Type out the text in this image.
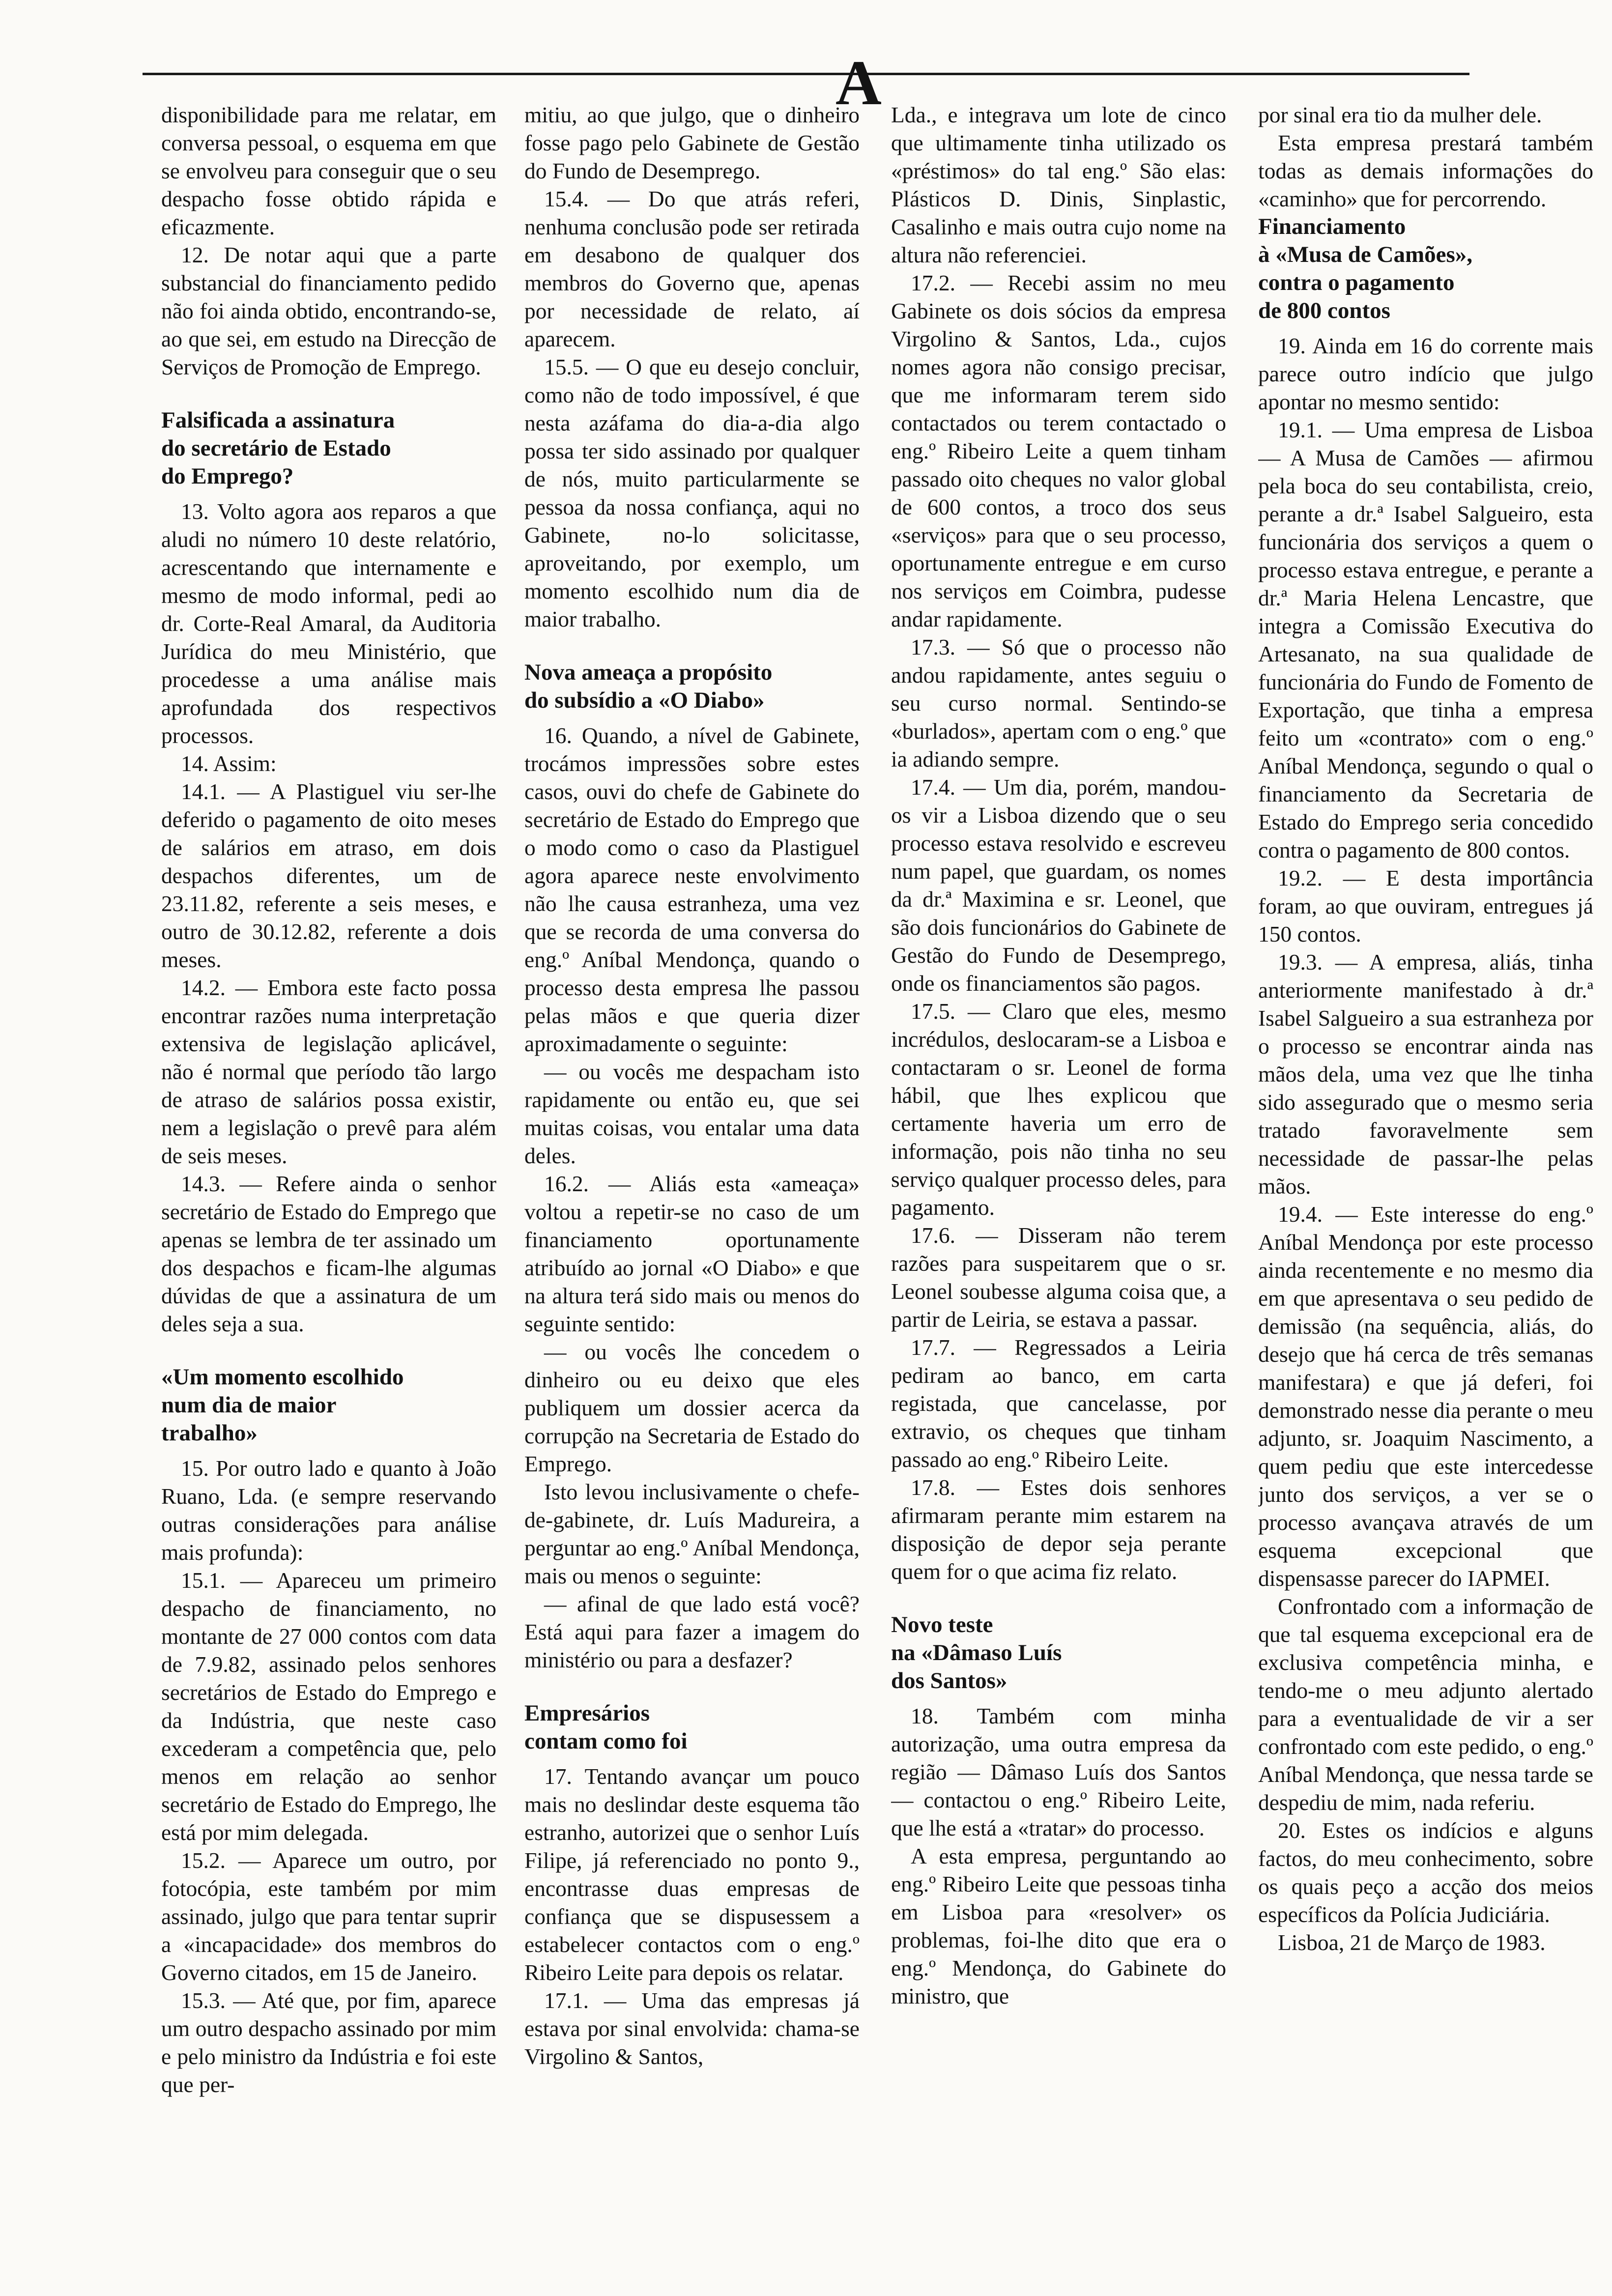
A

disponibilidade para me relatar, em conversa pessoal, o esquema em que se envolveu para conseguir que o seu despacho fosse obtido rápida e eficazmente.

12. De notar aqui que a parte substancial do financiamento pedido não foi ainda obtido, encontrando-se, ao que sei, em estudo na Direcção de Serviços de Promoção de Emprego.

Falsificada a assinatura
do secretário de Estado
do Emprego?

13. Volto agora aos reparos a que aludi no número 10 deste relatório, acrescentando que internamente e mesmo de modo informal, pedi ao dr. Corte-Real Amaral, da Auditoria Jurídica do meu Ministério, que procedesse a uma análise mais aprofundada dos respectivos processos.

14. Assim:

14.1. — A Plastiguel viu ser-lhe deferido o pagamento de oito meses de salários em atraso, em dois despachos diferentes, um de 23.11.82, referente a seis meses, e outro de 30.12.82, referente a dois meses.

14.2. — Embora este facto possa encontrar razões numa interpretação extensiva de legislação aplicável, não é normal que período tão largo de atraso de salários possa existir, nem a legislação o prevê para além de seis meses.

14.3. — Refere ainda o senhor secretário de Estado do Emprego que apenas se lembra de ter assinado um dos despachos e ficam-lhe algumas dúvidas de que a assinatura de um deles seja a sua.

«Um momento escolhido
num dia de maior
trabalho»

15. Por outro lado e quanto à João Ruano, Lda. (e sempre reservando outras considerações para análise mais profunda):

15.1. — Apareceu um primeiro despacho de financiamento, no montante de 27 000 contos com data de 7.9.82, assinado pelos senhores secretários de Estado do Emprego e da Indústria, que neste caso excederam a competência que, pelo menos em relação ao senhor secretário de Estado do Emprego, lhe está por mim delegada.

15.2. — Aparece um outro, por fotocópia, este também por mim assinado, julgo que para tentar suprir a «incapacidade» dos membros do Governo citados, em 15 de Janeiro.

15.3. — Até que, por fim, aparece um outro despacho assinado por mim e pelo ministro da Indústria e foi este que per-

mitiu, ao que julgo, que o dinheiro fosse pago pelo Gabinete de Gestão do Fundo de Desemprego.

15.4. — Do que atrás referi, nenhuma conclusão pode ser retirada em desabono de qualquer dos membros do Governo que, apenas por necessidade de relato, aí aparecem.

15.5. — O que eu desejo concluir, como não de todo impossível, é que nesta azáfama do dia-a-dia algo possa ter sido assinado por qualquer de nós, muito particularmente se pessoa da nossa confiança, aqui no Gabinete, no-lo solicitasse, aproveitando, por exemplo, um momento escolhido num dia de maior trabalho.

Nova ameaça a propósito
do subsídio a «O Diabo»

16. Quando, a nível de Gabinete, trocámos impressões sobre estes casos, ouvi do chefe de Gabinete do secretário de Estado do Emprego que o modo como o caso da Plastiguel agora aparece neste envolvimento não lhe causa estranheza, uma vez que se recorda de uma conversa do eng.º Aníbal Mendonça, quando o processo desta empresa lhe passou pelas mãos e que queria dizer aproximadamente o seguinte:

— ou vocês me despacham isto rapidamente ou então eu, que sei muitas coisas, vou entalar uma data deles.

16.2. — Aliás esta «ameaça» voltou a repetir-se no caso de um financiamento oportunamente atribuído ao jornal «O Diabo» e que na altura terá sido mais ou menos do seguinte sentido:

— ou vocês lhe concedem o dinheiro ou eu deixo que eles publiquem um dossier acerca da corrupção na Secretaria de Estado do Emprego.

Isto levou inclusivamente o chefe-de-gabinete, dr. Luís Madureira, a perguntar ao eng.º Aníbal Mendonça, mais ou menos o seguinte:

— afinal de que lado está você? Está aqui para fazer a imagem do ministério ou para a desfazer?

Empresários
contam como foi

17. Tentando avançar um pouco mais no deslindar deste esquema tão estranho, autorizei que o senhor Luís Filipe, já referenciado no ponto 9., encontrasse duas empresas de confiança que se dispusessem a estabelecer contactos com o eng.º Ribeiro Leite para depois os relatar.

17.1. — Uma das empresas já estava por sinal envolvida: chama-se Virgolino & Santos,

Lda., e integrava um lote de cinco que ultimamente tinha utilizado os «préstimos» do tal eng.º São elas: Plásticos D. Dinis, Sinplastic, Casalinho e mais outra cujo nome na altura não referenciei.

17.2. — Recebi assim no meu Gabinete os dois sócios da empresa Virgolino & Santos, Lda., cujos nomes agora não consigo precisar, que me informaram terem sido contactados ou terem contactado o eng.º Ribeiro Leite a quem tinham passado oito cheques no valor global de 600 contos, a troco dos seus «serviços» para que o seu processo, oportunamente entregue e em curso nos serviços em Coimbra, pudesse andar rapidamente.

17.3. — Só que o processo não andou rapidamente, antes seguiu o seu curso normal. Sentindo-se «burlados», apertam com o eng.º que ia adiando sempre.

17.4. — Um dia, porém, mandou-os vir a Lisboa dizendo que o seu processo estava resolvido e escreveu num papel, que guardam, os nomes da dr.ª Maximina e sr. Leonel, que são dois funcionários do Gabinete de Gestão do Fundo de Desemprego, onde os financiamentos são pagos.

17.5. — Claro que eles, mesmo incrédulos, deslocaram-se a Lisboa e contactaram o sr. Leonel de forma hábil, que lhes explicou que certamente haveria um erro de informação, pois não tinha no seu serviço qualquer processo deles, para pagamento.

17.6. — Disseram não terem razões para suspeitarem que o sr. Leonel soubesse alguma coisa que, a partir de Leiria, se estava a passar.

17.7. — Regressados a Leiria pediram ao banco, em carta registada, que cancelasse, por extravio, os cheques que tinham passado ao eng.º Ribeiro Leite.

17.8. — Estes dois senhores afirmaram perante mim estarem na disposição de depor seja perante quem for o que acima fiz relato.

Novo teste
na «Dâmaso Luís
dos Santos»

18. Também com minha autorização, uma outra empresa da região — Dâmaso Luís dos Santos — contactou o eng.º Ribeiro Leite, que lhe está a «tratar» do processo.

A esta empresa, perguntando ao eng.º Ribeiro Leite que pessoas tinha em Lisboa para «resolver» os problemas, foi-lhe dito que era o eng.º Mendonça, do Gabinete do ministro, que

por sinal era tio da mulher dele.

Esta empresa prestará também todas as demais informações do «caminho» que for percorrendo.

Financiamento
à «Musa de Camões»,
contra o pagamento
de 800 contos

19. Ainda em 16 do corrente mais parece outro indício que julgo apontar no mesmo sentido:

19.1. — Uma empresa de Lisboa — A Musa de Camões — afirmou pela boca do seu contabilista, creio, perante a dr.ª Isabel Salgueiro, esta funcionária dos serviços a quem o processo estava entregue, e perante a dr.ª Maria Helena Lencastre, que integra a Comissão Executiva do Artesanato, na sua qualidade de funcionária do Fundo de Fomento de Exportação, que tinha a empresa feito um «contrato» com o eng.º Aníbal Mendonça, segundo o qual o financiamento da Secretaria de Estado do Emprego seria concedido contra o pagamento de 800 contos.

19.2. — E desta importância foram, ao que ouviram, entregues já 150 contos.

19.3. — A empresa, aliás, tinha anteriormente manifestado à dr.ª Isabel Salgueiro a sua estranheza por o processo se encontrar ainda nas mãos dela, uma vez que lhe tinha sido assegurado que o mesmo seria tratado favoravelmente sem necessidade de passar-lhe pelas mãos.

19.4. — Este interesse do eng.º Aníbal Mendonça por este processo ainda recentemente e no mesmo dia em que apresentava o seu pedido de demissão (na sequência, aliás, do desejo que há cerca de três semanas manifestara) e que já deferi, foi demonstrado nesse dia perante o meu adjunto, sr. Joaquim Nascimento, a quem pediu que este intercedesse junto dos serviços, a ver se o processo avançava através de um esquema excepcional que dispensasse parecer do IAPMEI.

Confrontado com a informação de que tal esquema excepcional era de exclusiva competência minha, e tendo-me o meu adjunto alertado para a eventualidade de vir a ser confrontado com este pedido, o eng.º Aníbal Mendonça, que nessa tarde se despediu de mim, nada referiu.

20. Estes os indícios e alguns factos, do meu conhecimento, sobre os quais peço a acção dos meios específicos da Polícia Judiciária.

Lisboa, 21 de Março de 1983.
